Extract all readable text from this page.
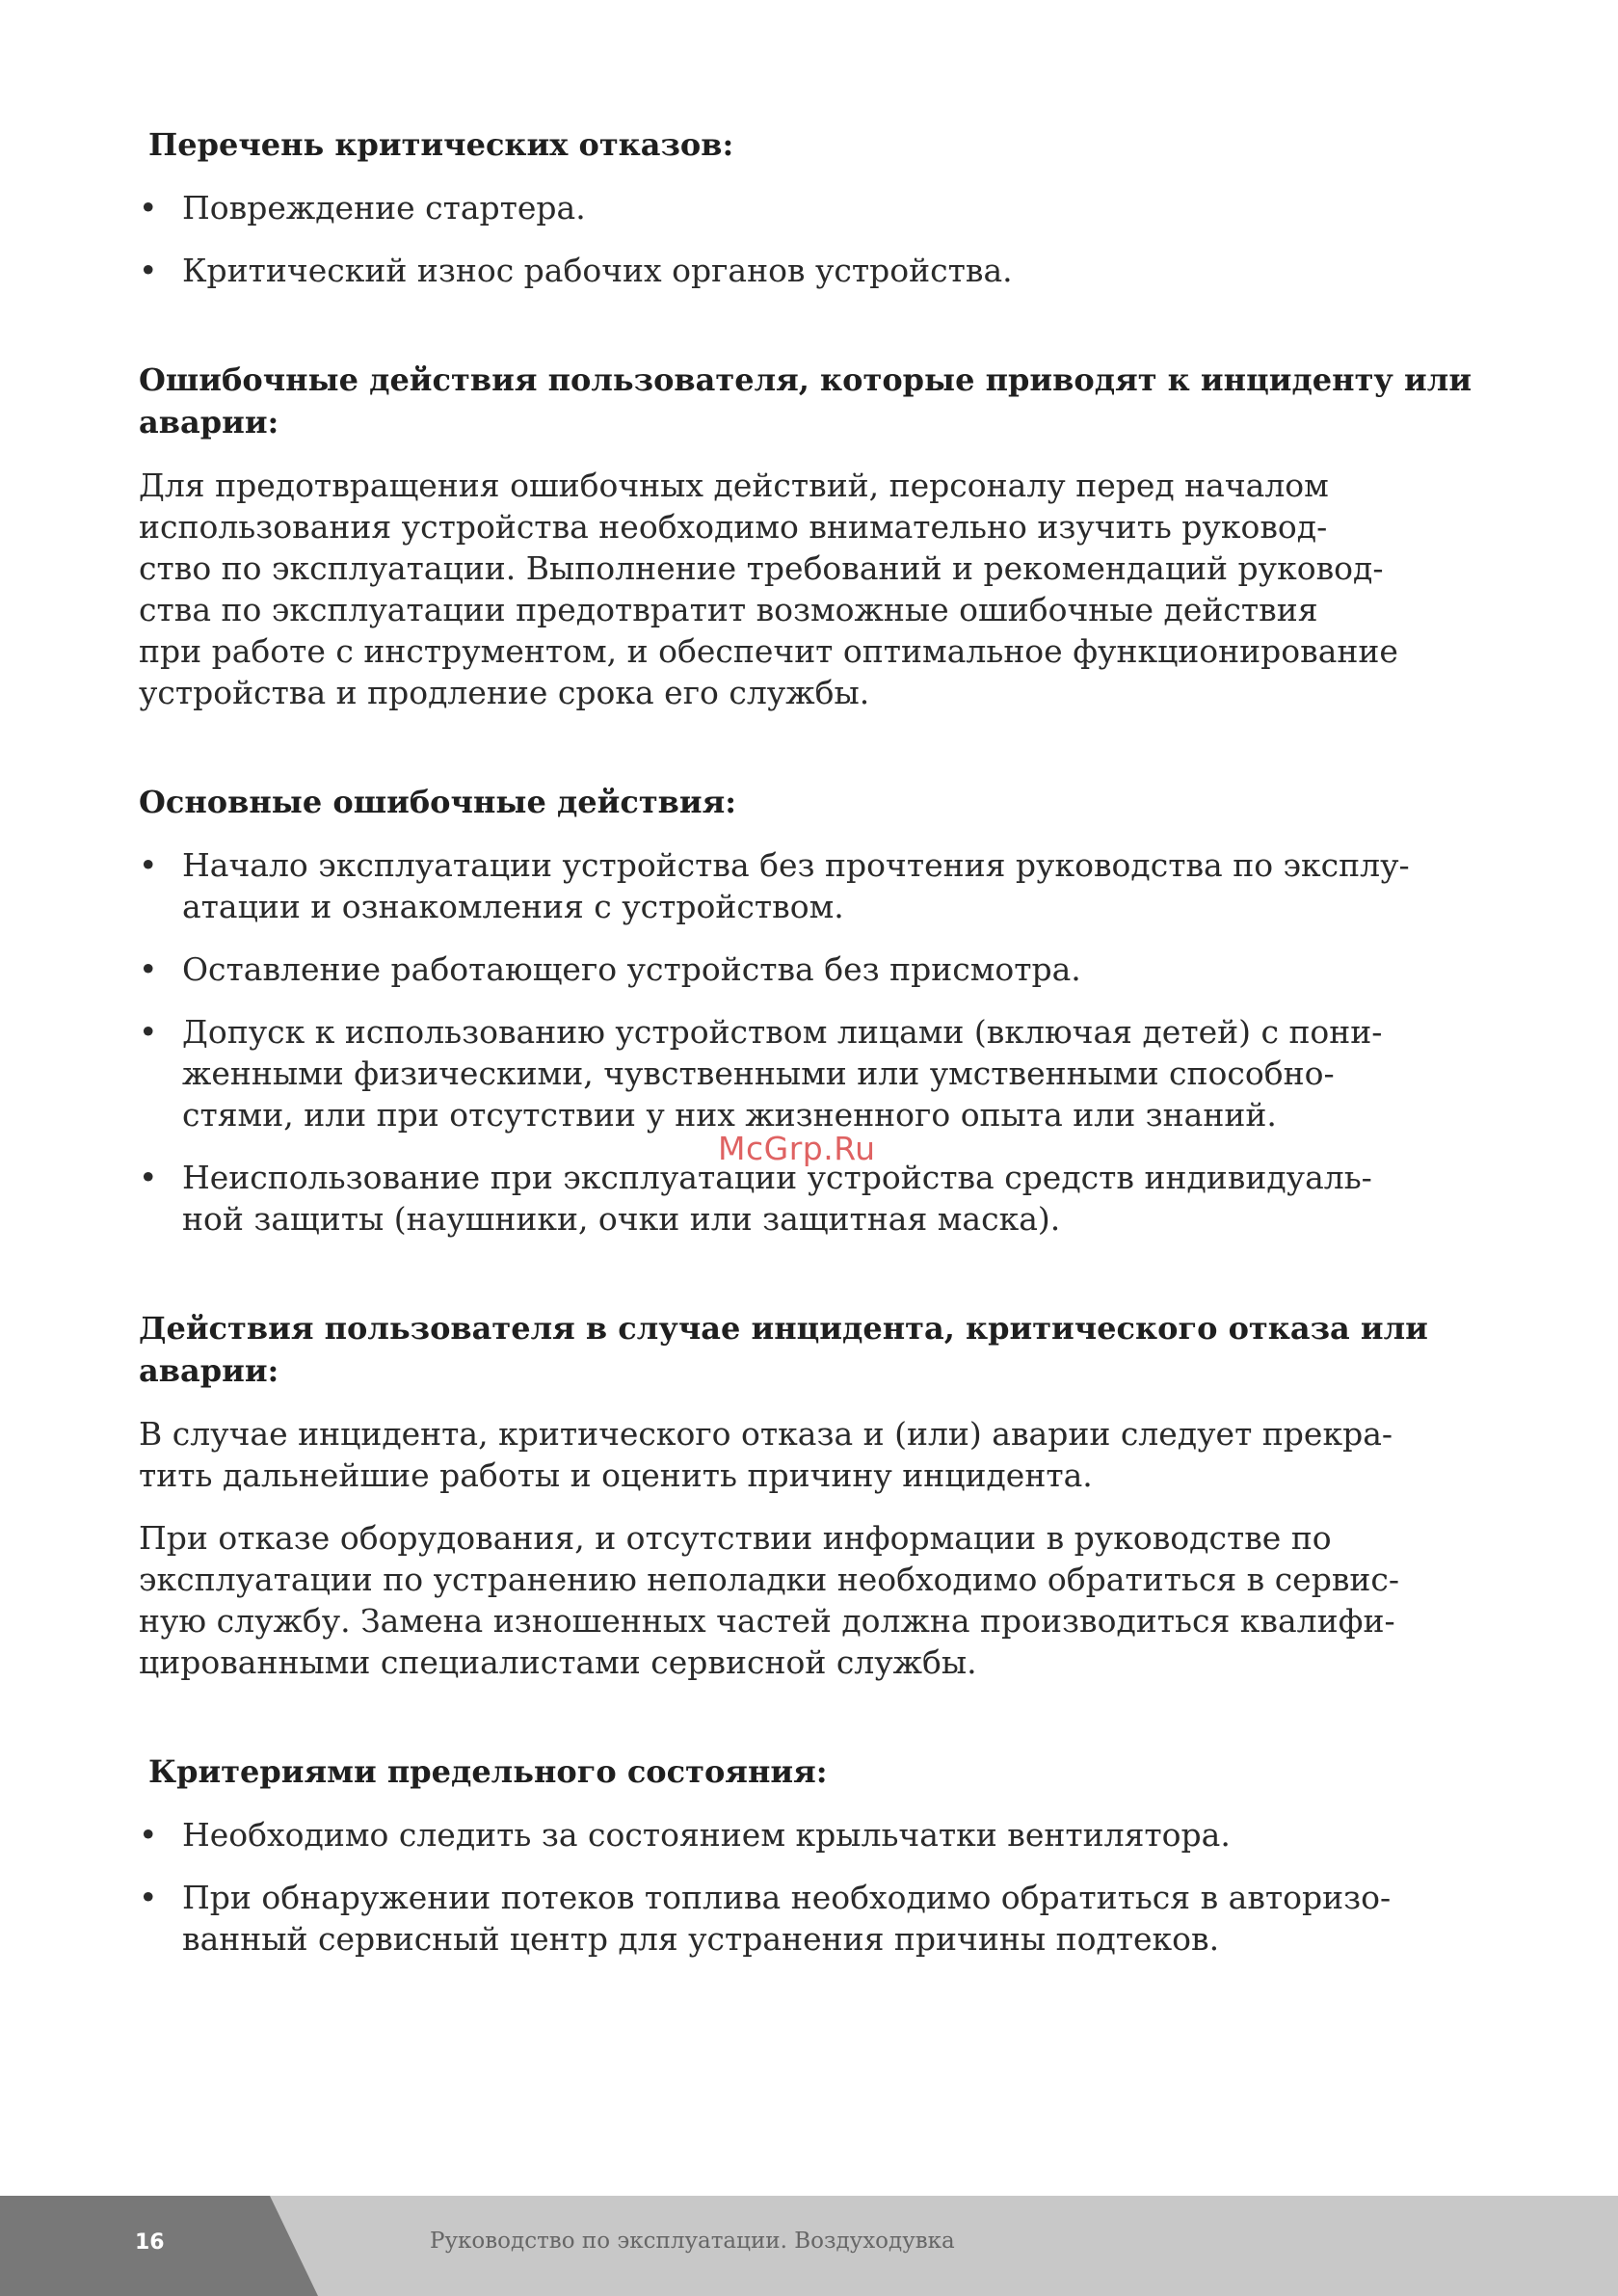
Перечень критических отказов:
• Повреждение стартера.
• Критический износ рабочих органов устройства.
Ошибочные действия пользователя, которые приводят к инциденту или
аварии:

Для предотвращения ошибочных действий, персоналу перед началом
использования устройства необходимо внимательно изучить руковод-
ство по эксплуатации. Выполнение требований и рекомендаций руковод-
ства по эксплуатации предотвратит возможные ошибочные действия
при работе с инструментом, и обеспечит оптимальное функционирование
устройства и продление срока его службы.

Основные ошибочные действия:
• Начало эксплуатации устройства без прочтения руководства по эксплу-
атации и ознакомления с устройством.
• Оставление работающего устройства без присмотра.
• Допуск к использованию устройством лицами (включая детей) с пони-
женными физическими, чувственными или умственными способно-
стями, или при отсутствии у них жизненного опыта или знаний.
• Неиспользование при эксплуатации устройства средств индивидуаль-
ной защиты (наушники, очки или защитная маска).
Действия пользователя в случае инцидента, критического отказа или
аварии:

В случае инцидента, критического отказа и (или) аварии следует прекра-
тить дальнейшие работы и оценить причину инцидента.

При отказе оборудования, и отсутствии информации в руководстве по
эксплуатации по устранению неполадки необходимо обратиться в сервис-
ную службу. Замена изношенных частей должна производиться квалифи-
цированными специалистами сервисной службы.

Критериями предельного состояния:
• Необходимо следить за состоянием крыльчатки вентилятора.
• При обнаружении потеков топлива необходимо обратиться в авторизо-
ванный сервисный центр для устранения причины подтеков.
McGrp.Ru
16	Руководство по эксплуатации. Воздуходувка
